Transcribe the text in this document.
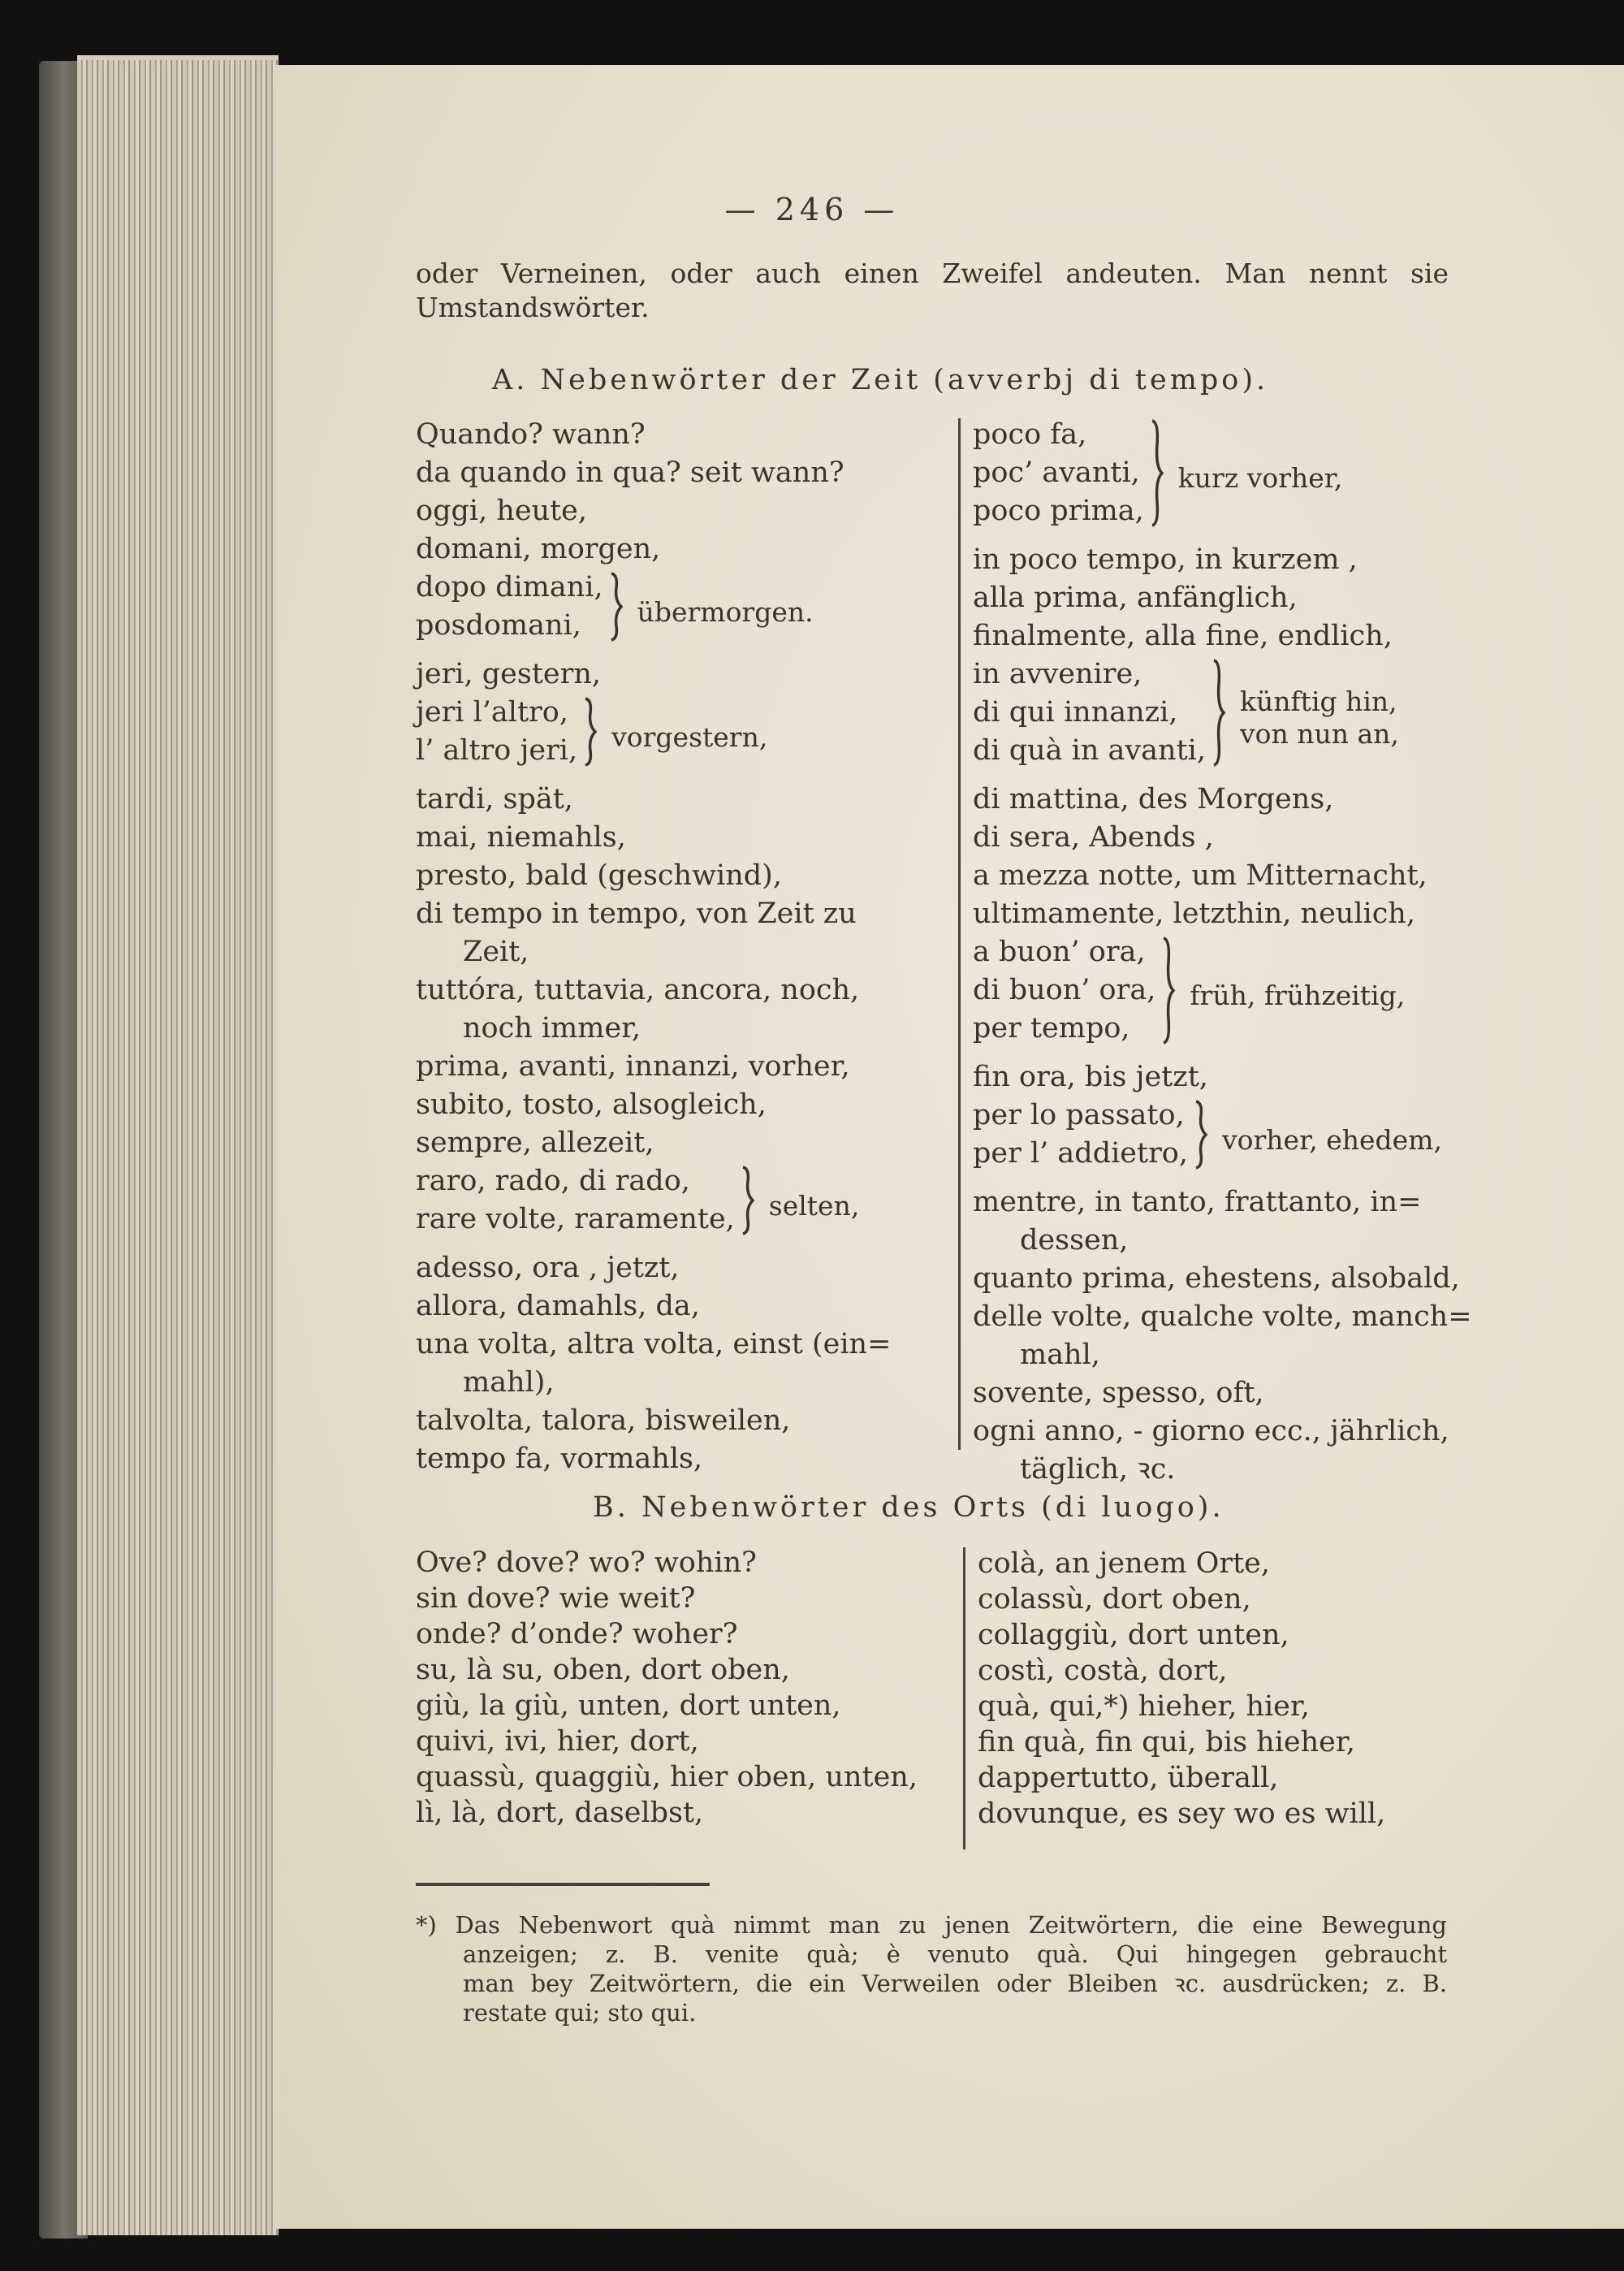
— 246 —
oder Verneinen, oder auch einen Zweifel andeuten. Man nennt sie
Umstandswörter.
A. Nebenwörter der Zeit (avverbj di tempo).
Quando? wann?
da quando in qua? seit wann?
oggi, heute,
domani, morgen,
dopo dimani,
posdomani,	übermorgen.
jeri, gestern,
jeri l’altro,
l’ altro jeri, vorgestern,
tardi, spät,
mai, niemahls,
presto, bald (geschwind),
di tempo in tempo, von Zeit zu
Zeit,
tuttóra, tuttavia, ancora, noch,
noch immer,
prima, avanti, innanzi, vorher,
subito, tosto, alsogleich,
sempre, allezeit,
raro, rado, di rado,
rare volte, raramente, selten,
adesso, ora , jetzt,
allora, damahls, da,
una volta, altra volta, einst (ein=
mahl),
talvolta, talora, bisweilen,
tempo fa, vormahls,
poco fa,
poc’ avanti,
poco prima,
kurz vorher,
in poco tempo, in kurzem ,
alla prima, anfänglich,
finalmente, alla fine, endlich,
in avvenire,
di qui innanzi,
di quà in avanti,
künftig hin,
von nun an,
di mattina, des Morgens,
di sera, Abends ,
a mezza notte, um Mitternacht,
ultimamente, letzthin, neulich,
a buon’ ora,
di buon’ ora,
per tempo,
früh, frühzeitig,
fin ora, bis jetzt,
per lo passato,
per l’ addietro, vorher, ehedem,
mentre, in tanto, frattanto, in=
dessen,
quanto prima, ehestens, alsobald,
delle volte, qualche volte, manch=
mahl,
sovente, spesso, oft,
ogni anno, - giorno ecc., jährlich,
täglich, ꝛc.
B. Nebenwörter des Orts (di luogo).
Ove? dove? wo? wohin?
sin dove? wie weit?
onde? d’onde? woher?
su, là su, oben, dort oben,
giù, la giù, unten, dort unten,
quivi, ivi, hier, dort,
quassù, quaggiù, hier oben, unten,
lì, là, dort, daselbst,
colà, an jenem Orte,
colassù, dort oben,
collaggiù, dort unten,
costì, costà, dort,
quà, qui,*) hieher, hier,
fin quà, fin qui, bis hieher,
dappertutto, überall,
dovunque, es sey wo es will,
*) Das Nebenwort quà nimmt man zu jenen Zeitwörtern, die eine Bewegung
anzeigen; z. B. venite quà; è venuto quà. Qui hingegen gebraucht
man bey Zeitwörtern, die ein Verweilen oder Bleiben ꝛc. ausdrücken; z. B.
restate qui; sto qui.
